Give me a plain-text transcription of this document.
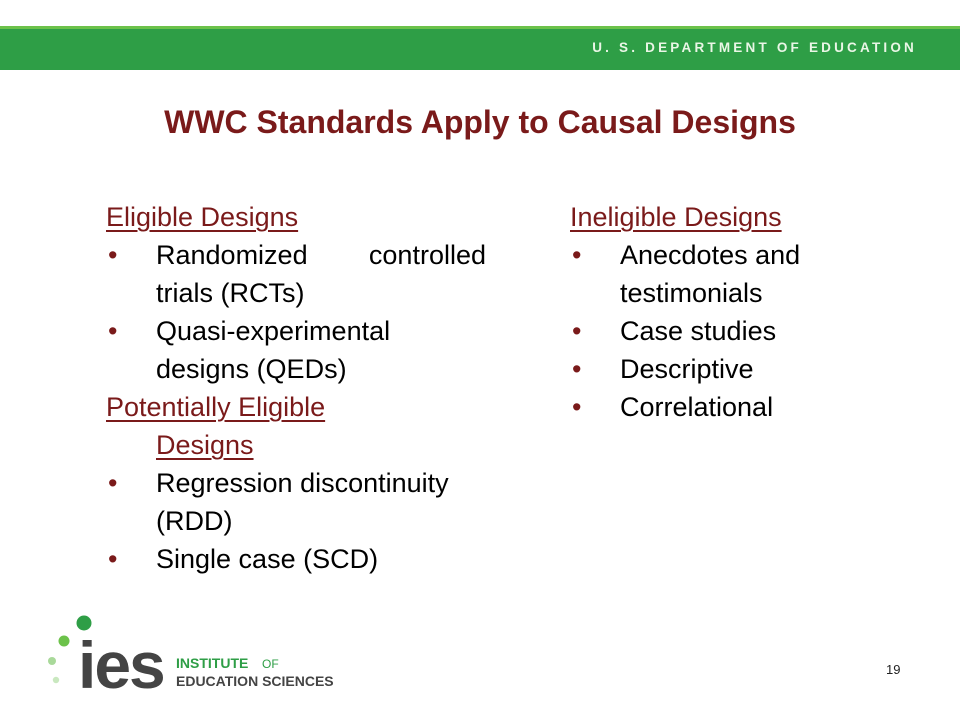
U. S. DEPARTMENT OF EDUCATION
WWC Standards Apply to Causal Designs
Eligible Designs
• Randomized controlled trials (RCTs)
• Quasi-experimental designs (QEDs)
Potentially Eligible
Designs
• Regression discontinuity (RDD)
• Single case (SCD)
Ineligible Designs
• Anecdotes and testimonials
• Case studies
• Descriptive
• Correlational
ies INSTITUTE OF
EDUCATION SCIENCES
19
